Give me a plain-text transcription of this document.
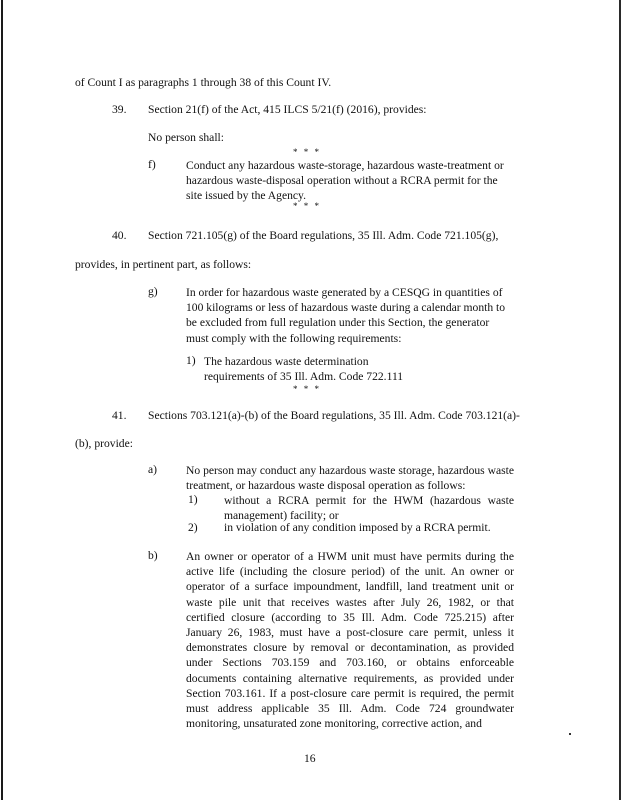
of Count I as paragraphs 1 through 38 of this Count IV.
39. Section 21(f) of the Act, 415 ILCS 5/21(f) (2016), provides:
No person shall:
* * *
f)	Conduct any hazardous waste-storage, hazardous waste-treatment or hazardous waste-disposal operation without a RCRA permit for the site issued by the Agency.
* * *
40. Section 721.105(g) of the Board regulations, 35 Ill. Adm. Code 721.105(g),
provides, in pertinent part, as follows:
g) In order for hazardous waste generated by a CESQG in quantities of 100 kilograms or less of hazardous waste during a calendar month to be excluded from full regulation under this Section, the generator must comply with the following requirements:
1) The hazardous waste determination requirements of 35 Ill. Adm. Code 722.111
* * *
41. Sections 703.121(a)-(b) of the Board regulations, 35 Ill. Adm. Code 703.121(a)-
(b), provide:
a) No person may conduct any hazardous waste storage, hazardous waste treatment, or hazardous waste disposal operation as follows:
1) without a RCRA permit for the HWM (hazardous waste management) facility; or
2) in violation of any condition imposed by a RCRA permit.
b) An owner or operator of a HWM unit must have permits during the active life (including the closure period) of the unit. An owner or operator of a surface impoundment, landfill, land treatment unit or waste pile unit that receives wastes after July 26, 1982, or that certified closure (according to 35 Ill. Adm. Code 725.215) after January 26, 1983, must have a post-closure care permit, unless it demonstrates closure by removal or decontamination, as provided under Sections 703.159 and 703.160, or obtains enforceable documents containing alternative requirements, as provided under Section 703.161. If a post-closure care permit is required, the permit must address applicable 35 Ill. Adm. Code 724 groundwater monitoring, unsaturated zone monitoring, corrective action, and
16
